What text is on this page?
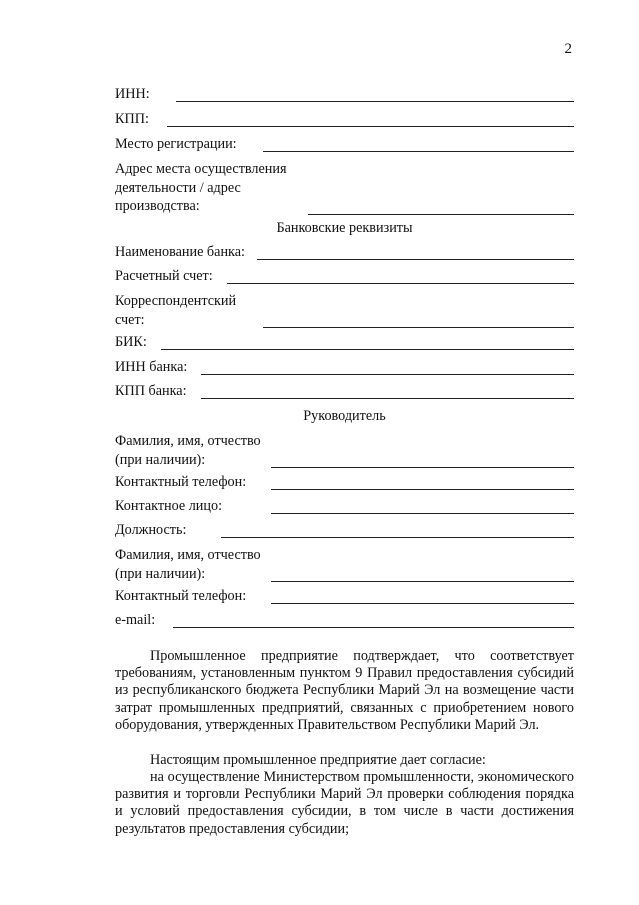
2
ИНН:
КПП:
Место регистрации:
Адрес места осуществления
деятельности / адрес
производства:
Банковские реквизиты
Наименование банка:
Расчетный счет:
Корреспондентский
счет:
БИК:
ИНН банка:
КПП банка:
Руководитель
Фамилия, имя, отчество
(при наличии):
Контактный телефон:
Контактное лицо:
Должность:
Фамилия, имя, отчество
(при наличии):
Контактный телефон:
e-mail:
Промышленное предприятие подтверждает, что соответствует требованиям, установленным пунктом 9 Правил предоставления субсидий из республиканского бюджета Республики Марий Эл на возмещение части затрат промышленных предприятий, связанных с приобретением нового оборудования, утвержденных Правительством Республики Марий Эл.
Настоящим промышленное предприятие дает согласие:
на осуществление Министерством промышленности, экономического развития и торговли Республики Марий Эл проверки соблюдения порядка и условий предоставления субсидии, в том числе в части достижения результатов предоставления субсидии;
